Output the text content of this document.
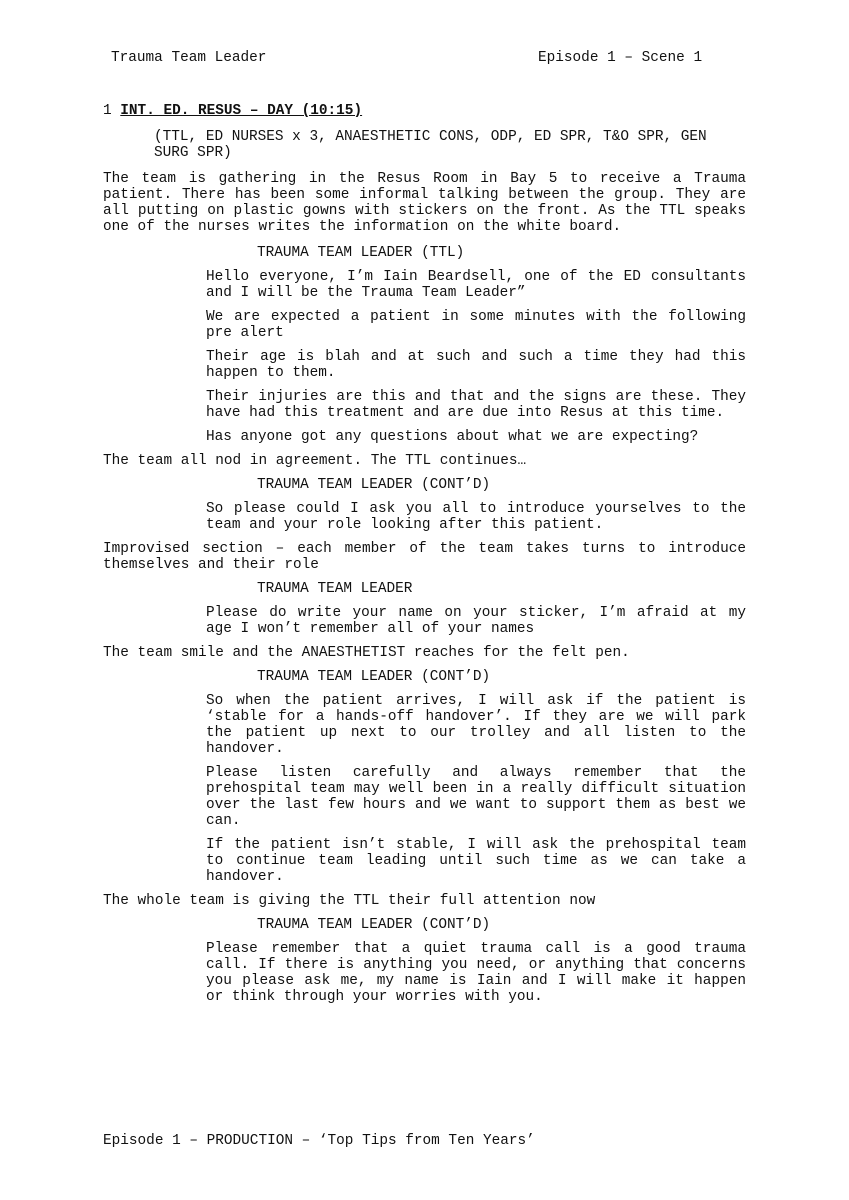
Trauma Team Leader	Episode 1 – Scene 1

1 INT. ED. RESUS – DAY (10:15)

(TTL, ED NURSES x 3, ANAESTHETIC CONS, ODP, ED SPR, T&O SPR, GEN SURG SPR)

The team is gathering in the Resus Room in Bay 5 to receive a Trauma patient. There has been some informal talking between the group. They are all putting on plastic gowns with stickers on the front. As the TTL speaks one of the nurses writes the information on the white board.

TRAUMA TEAM LEADER (TTL)

Hello everyone, I’m Iain Beardsell, one of the ED consultants and I will be the Trauma Team Leader”

We are expected a patient in some minutes with the following pre alert

Their age is blah and at such and such a time they had this happen to them.

Their injuries are this and that and the signs are these. They have had this treatment and are due into Resus at this time.

Has anyone got any questions about what we are expecting?

The team all nod in agreement. The TTL continues…

TRAUMA TEAM LEADER (CONT’D)

So please could I ask you all to introduce yourselves to the team and your role looking after this patient.

Improvised section – each member of the team takes turns to introduce themselves and their role

TRAUMA TEAM LEADER

Please do write your name on your sticker, I’m afraid at my age I won’t remember all of your names

The team smile and the ANAESTHETIST reaches for the felt pen.

TRAUMA TEAM LEADER (CONT’D)

So when the patient arrives, I will ask if the patient is ‘stable for a hands-off handover’. If they are we will park the patient up next to our trolley and all listen to the handover.

Please listen carefully and always remember that the prehospital team may well been in a really difficult situation over the last few hours and we want to support them as best we can.

If the patient isn’t stable, I will ask the prehospital team to continue team leading until such time as we can take a handover.

The whole team is giving the TTL their full attention now

TRAUMA TEAM LEADER (CONT’D)

Please remember that a quiet trauma call is a good trauma call. If there is anything you need, or anything that concerns you please ask me, my name is Iain and I will make it happen or think through your worries with you.

Episode 1 – PRODUCTION – ‘Top Tips from Ten Years’
